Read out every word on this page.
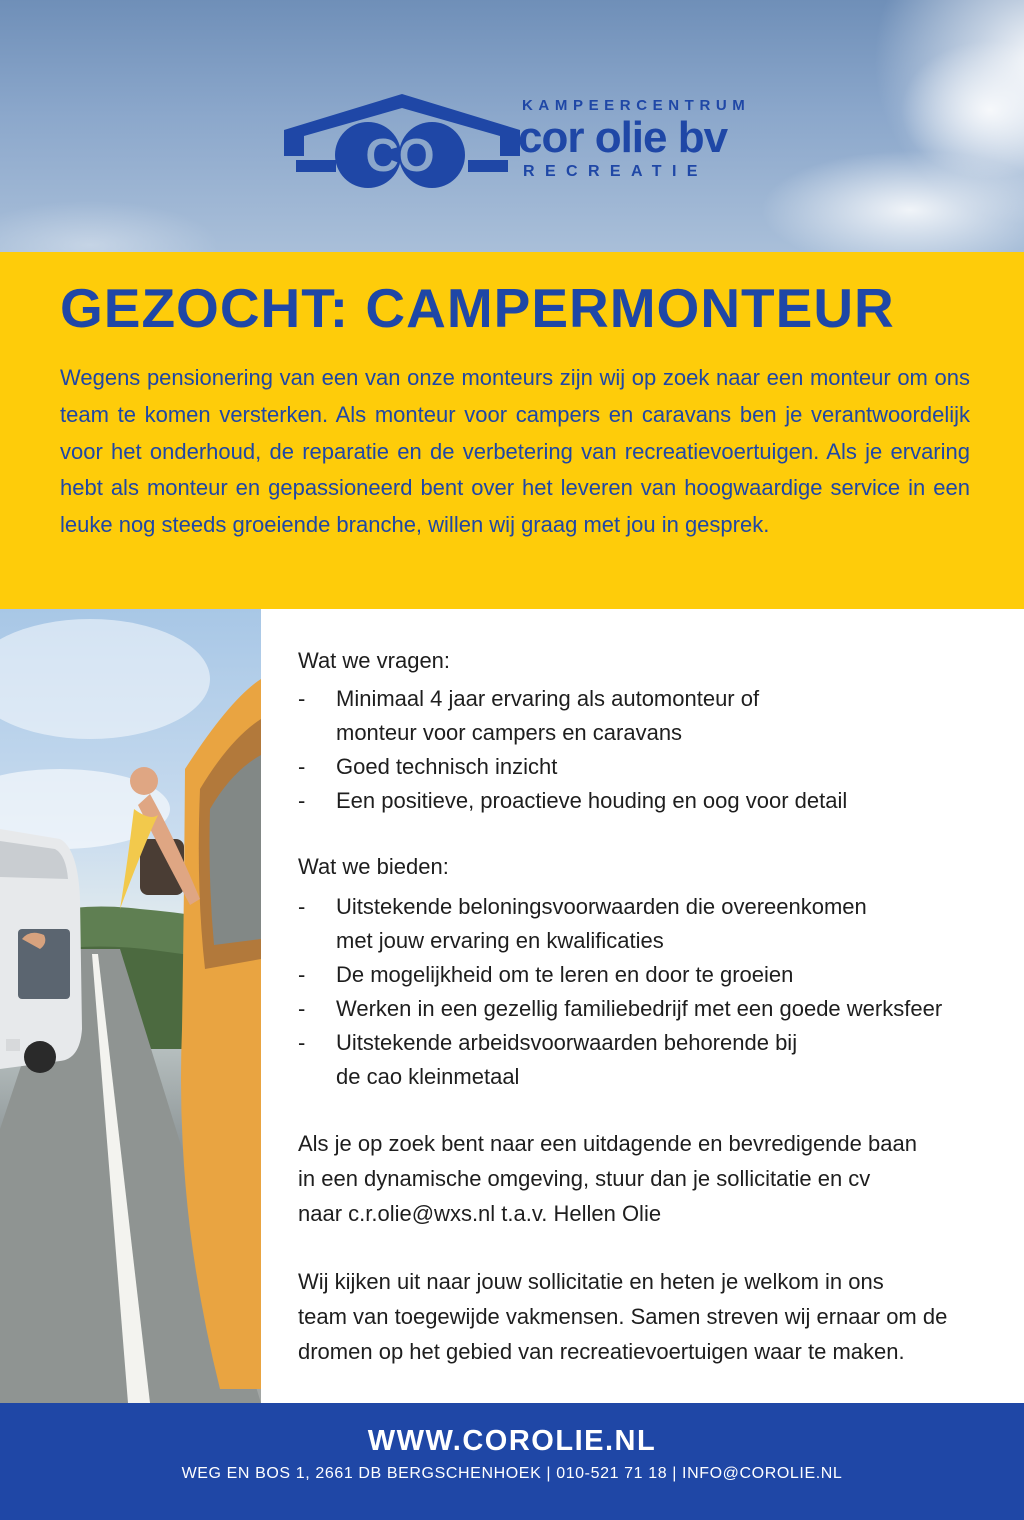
CO
KAMPEERCENTRUM
cor olie bv
RECREATIE
GEZOCHT: CAMPERMONTEUR

Wegens pensionering van een van onze monteurs zijn wij op zoek naar een monteur om ons team te komen versterken. Als monteur voor campers en caravans ben je verantwoordelijk voor het onderhoud, de reparatie en de verbetering van recreatievoertuigen. Als je ervaring hebt als monteur en gepassioneerd bent over het leveren van hoogwaardige service in een leuke nog steeds groeiende branche, willen wij graag met jou in gesprek.

Wat we vragen:
- Minimaal 4 jaar ervaring als automonteur of
monteur voor campers en caravans
- Goed technisch inzicht
- Een positieve, proactieve houding en oog voor detail
Wat we bieden:
- Uitstekende beloningsvoorwaarden die overeenkomen
met jouw ervaring en kwalificaties
- De mogelijkheid om te leren en door te groeien
- Werken in een gezellig familiebedrijf met een goede werksfeer
- Uitstekende arbeidsvoorwaarden behorende bij
de cao kleinmetaal

Als je op zoek bent naar een uitdagende en bevredigende baan
in een dynamische omgeving, stuur dan je sollicitatie en cv
naar c.r.olie@wxs.nl t.a.v. Hellen Olie

Wij kijken uit naar jouw sollicitatie en heten je welkom in ons
team van toegewijde vakmensen. Samen streven wij ernaar om de
dromen op het gebied van recreatievoertuigen waar te maken.

WWW.COROLIE.NL
WEG EN BOS 1, 2661 DB BERGSCHENHOEK | 010-521 71 18 | INFO@COROLIE.NL
